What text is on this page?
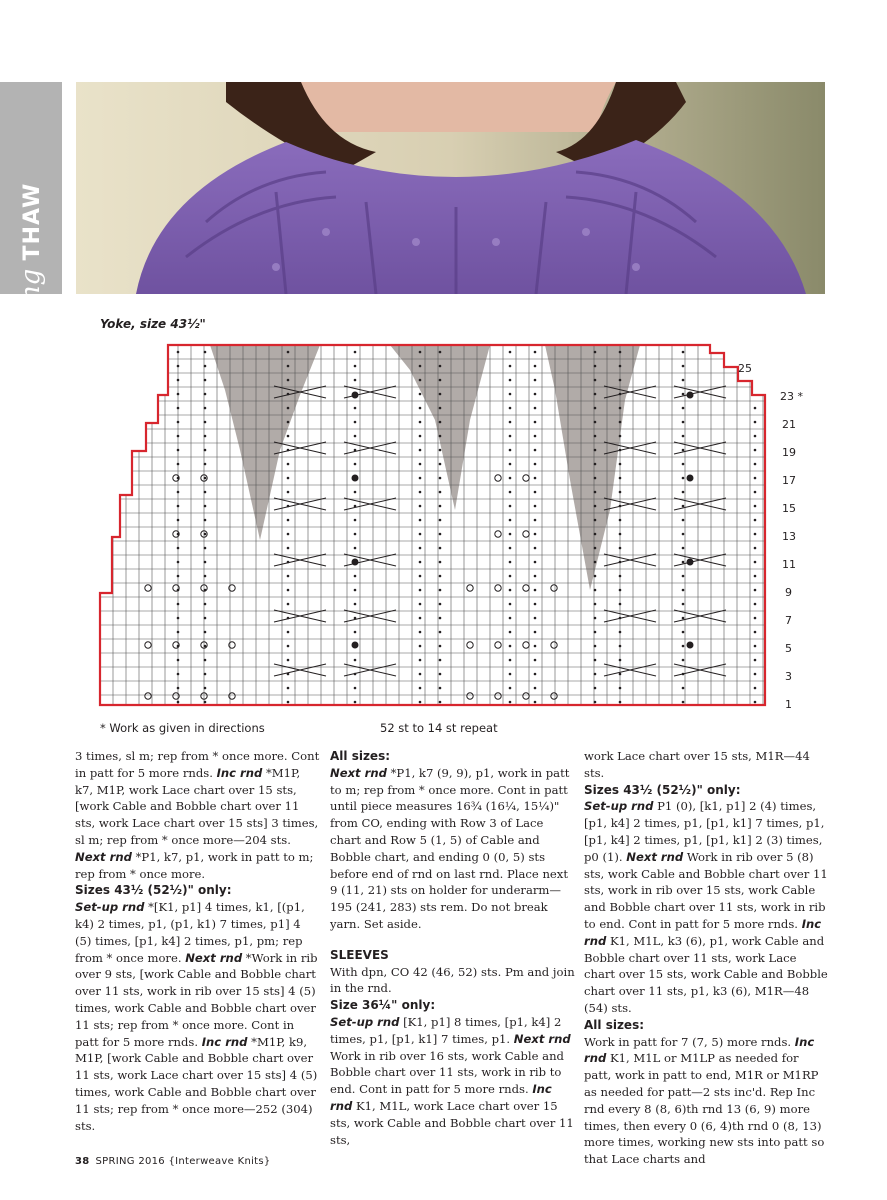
Spring THAW
Yoke, size 43½"
25
23 *
21
19
17
15
13
11
9
7
5
3
1
* Work as given in directions	52 st to 14 st repeat

3 times, sl m; rep from * once more. Cont in patt for 5 more rnds. Inc rnd *M1P, k7, M1P, work Lace chart over 15 sts, [work Cable and Bobble chart over 11 sts, work Lace chart over 15 sts] 3 times, sl m; rep from * once more—204 sts. Next rnd *P1, k7, p1, work in patt to m; rep from * once more.

Sizes 43½ (52½)" only:

Set-up rnd *[K1, p1] 4 times, k1, [(p1, k4) 2 times, p1, (p1, k1) 7 times, p1] 4 (5) times, [p1, k4] 2 times, p1, pm; rep from * once more. Next rnd *Work in rib over 9 sts, [work Cable and Bobble chart over 11 sts, work in rib over 15 sts] 4 (5) times, work Cable and Bobble chart over 11 sts; rep from * once more. Cont in patt for 5 more rnds. Inc rnd *M1P, k9, M1P, [work Cable and Bobble chart over 11 sts, work Lace chart over 15 sts] 4 (5) times, work Cable and Bobble chart over 11 sts; rep from * once more—252 (304) sts.

All sizes:

Next rnd *P1, k7 (9, 9), p1, work in patt to m; rep from * once more. Cont in patt until piece measures 16¾ (16¼, 15¼)" from CO, ending with Row 3 of Lace chart and Row 5 (1, 5) of Cable and Bobble chart, and ending 0 (0, 5) sts before end of rnd on last rnd. Place next 9 (11, 21) sts on holder for underarm—195 (241, 283) sts rem. Do not break yarn. Set aside.

SLEEVES

With dpn, CO 42 (46, 52) sts. Pm and join in the rnd.

Size 36¼" only:

Set-up rnd [K1, p1] 8 times, [p1, k4] 2 times, p1, [p1, k1] 7 times, p1. Next rnd Work in rib over 16 sts, work Cable and Bobble chart over 11 sts, work in rib to end. Cont in patt for 5 more rnds. Inc rnd K1, M1L, work Lace chart over 15 sts, work Cable and Bobble chart over 11 sts,

work Lace chart over 15 sts, M1R—44 sts.

Sizes 43½ (52½)" only:

Set-up rnd P1 (0), [k1, p1] 2 (4) times, [p1, k4] 2 times, p1, [p1, k1] 7 times, p1, [p1, k4] 2 times, p1, [p1, k1] 2 (3) times, p0 (1). Next rnd Work in rib over 5 (8) sts, work Cable and Bobble chart over 11 sts, work in rib over 15 sts, work Cable and Bobble chart over 11 sts, work in rib to end. Cont in patt for 5 more rnds. Inc rnd K1, M1L, k3 (6), p1, work Cable and Bobble chart over 11 sts, work Lace chart over 15 sts, work Cable and Bobble chart over 11 sts, p1, k3 (6), M1R—48 (54) sts.

All sizes:

Work in patt for 7 (7, 5) more rnds. Inc rnd K1, M1L or M1LP as needed for patt, work in patt to end, M1R or M1RP as needed for patt—2 sts inc'd. Rep Inc rnd every 8 (8, 6)th rnd 13 (6, 9) more times, then every 0 (6, 4)th rnd 0 (8, 13) more times, working new sts into patt so that Lace charts and

38 SPRING 2016 {Interweave Knits}
